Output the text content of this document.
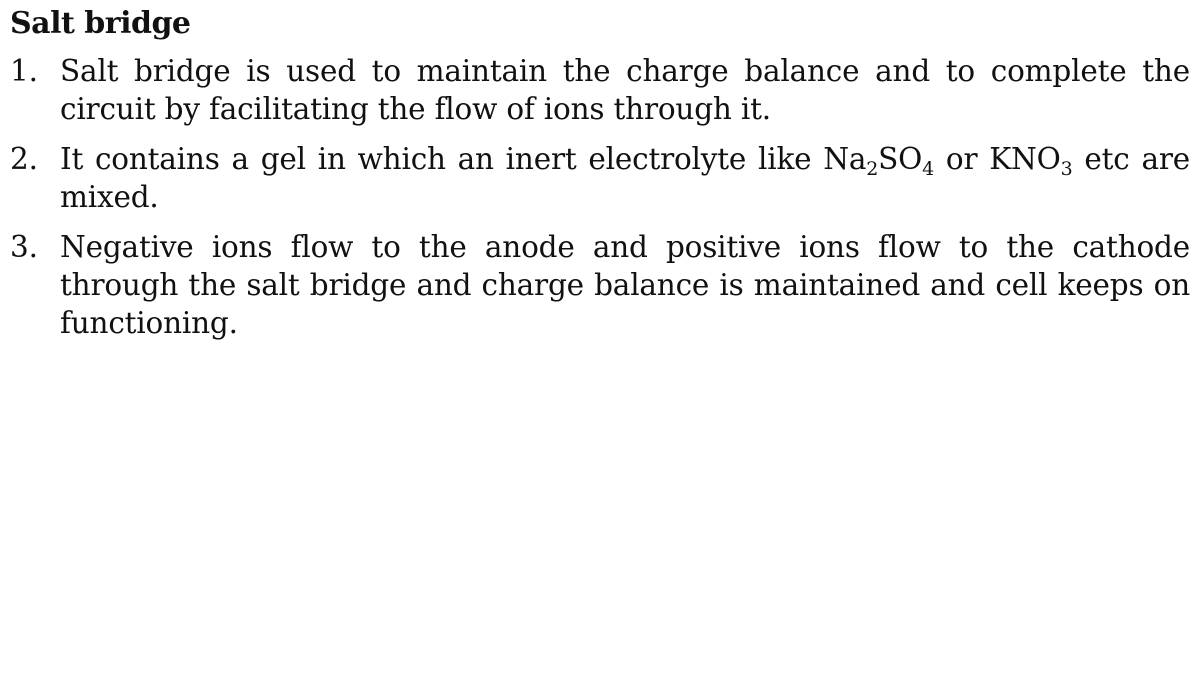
Salt bridge
1. Salt bridge is used to maintain the charge balance and to complete the circuit by facilitating the flow of ions through it.
2. It contains a gel in which an inert electrolyte like $Na_2SO_4$ or $KNO_3$ etc are mixed.
3. Negative ions flow to the anode and positive ions flow to the cathode through the salt bridge and charge balance is maintained and cell keeps on functioning.
